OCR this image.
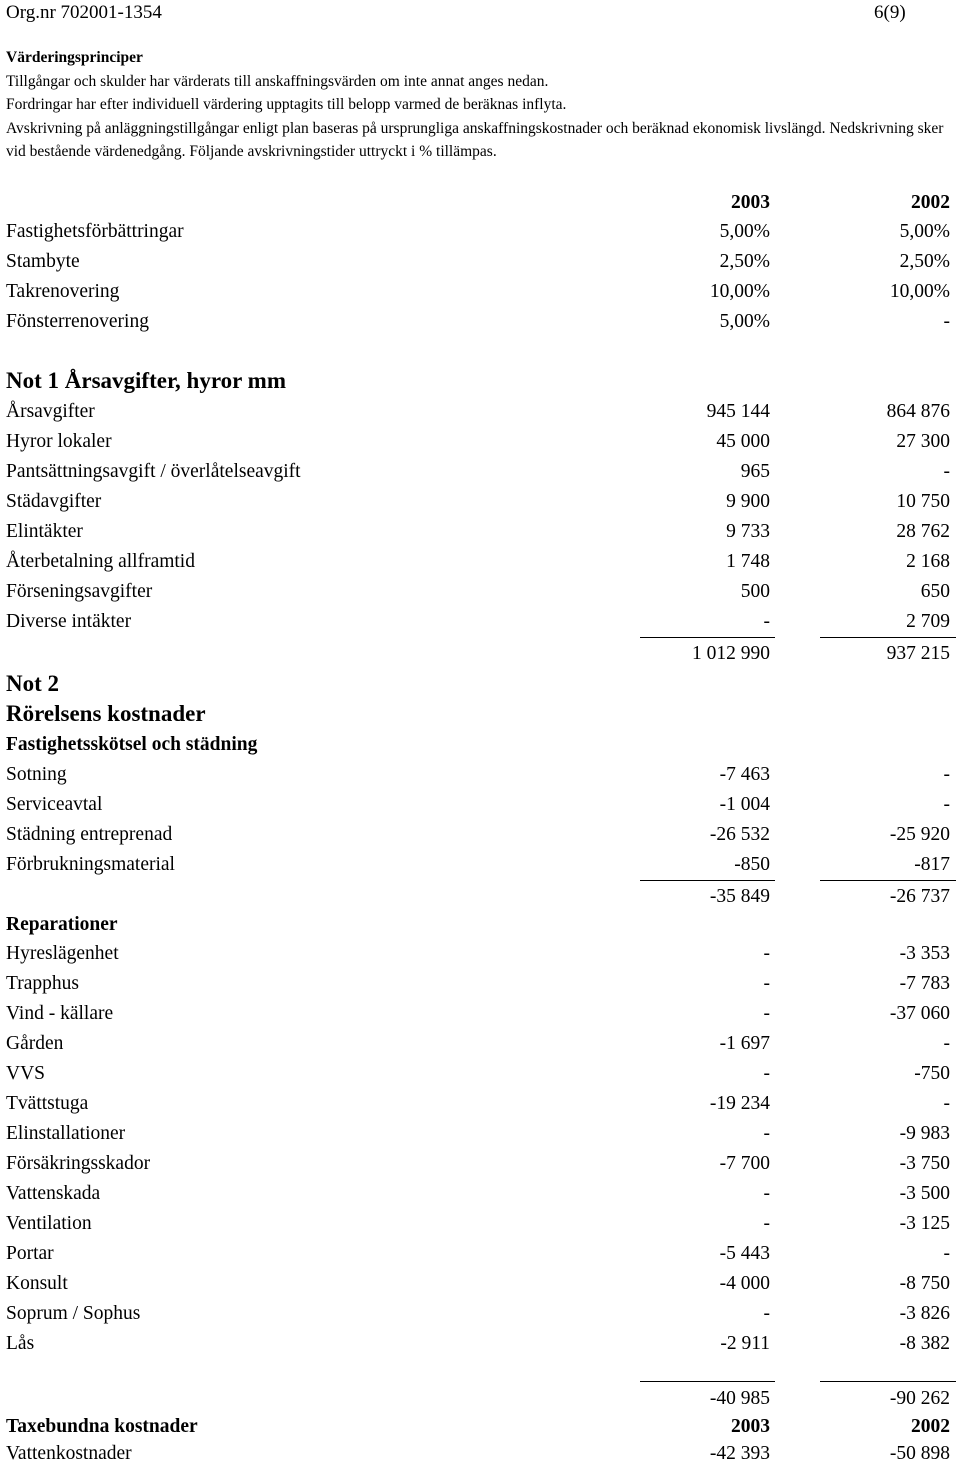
Org.nr 702001-1354	6(9)
Värderingsprinciper
Tillgångar och skulder har värderats till anskaffningsvärden om inte annat anges nedan.
Fordringar har efter individuell värdering upptagits till belopp varmed de beräknas inflyta.
Avskrivning på anläggningstillgångar enligt plan baseras på ursprungliga anskaffningskostnader och beräknad ekonomisk livslängd. Nedskrivning sker vid bestående värdenedgång. Följande avskrivningstider uttryckt i % tillämpas.
2003	2002
Fastighetsförbättringar	5,00%	5,00%
Stambyte	2,50%	2,50%
Takrenovering	10,00%	10,00%
Fönsterrenovering	5,00%	-
Not 1 Årsavgifter, hyror mm
Årsavgifter	945 144	864 876
Hyror lokaler	45 000	27 300
Pantsättningsavgift / överlåtelseavgift	965	-
Städavgifter	9 900	10 750
Elintäkter	9 733	28 762
Återbetalning allframtid	1 748	2 168
Förseningsavgifter	500	650
Diverse intäkter	-	2 709
1 012 990	937 215
Not 2
Rörelsens kostnader
Fastighetsskötsel och städning
Sotning	-7 463	-
Serviceavtal	-1 004	-
Städning entreprenad	-26 532	-25 920
Förbrukningsmaterial	-850	-817
-35 849	-26 737
Reparationer
Hyreslägenhet	-	-3 353
Trapphus	-	-7 783
Vind - källare	-	-37 060
Gården	-1 697	-
VVS	-	-750
Tvättstuga	-19 234	-
Elinstallationer	-	-9 983
Försäkringsskador	-7 700	-3 750
Vattenskada	-	-3 500
Ventilation	-	-3 125
Portar	-5 443	-
Konsult	-4 000	-8 750
Soprum / Sophus	-	-3 826
Lås	-2 911	-8 382
-40 985	-90 262
Taxebundna kostnader	2003	2002
Vattenkostnader	-42 393	-50 898
